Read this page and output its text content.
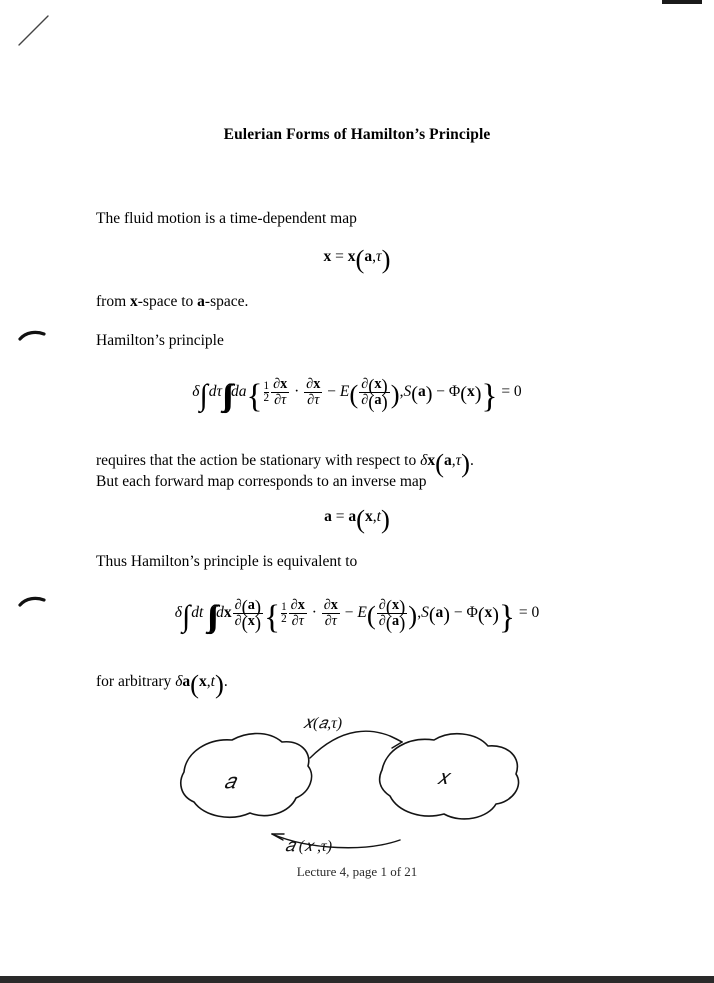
Eulerian Forms of Hamilton’s Principle
The fluid motion is a time-dependent map
x = x(a,τ)
from x-space to a-space.
Hamilton’s principle
δ∫dτ∫∫∫ $da\{ \frac{1}{2} \frac{\partial x}{\partial\tau} \cdot \frac{\partial x}{\partial\tau} - E( \frac{\partial(x)}{\partial(a)} ),S(a) - \Phi(x)\} = 0$
requires that the action be stationary with respect to δx(a,τ).
But each forward map corresponds to an inverse map
a = a(x,t)
Thus Hamilton’s principle is equivalent to
δ∫dt ∫∫∫ dx $\frac{\partial(a)}{\partial(x)}$ { $\frac{1}{2} \frac{\partial x}{\partial\tau} \cdot \frac{\partial x}{\partial\tau} - E( \frac{\partial(x)}{\partial(a)} ),S(a) - \Phi(x)\} = 0$
for arbitrary δa(x,t).
𝑥(𝑎,τ)
𝑎 (𝑥 ,τ)
𝑎	𝑥
Lecture 4, page 1 of 21
